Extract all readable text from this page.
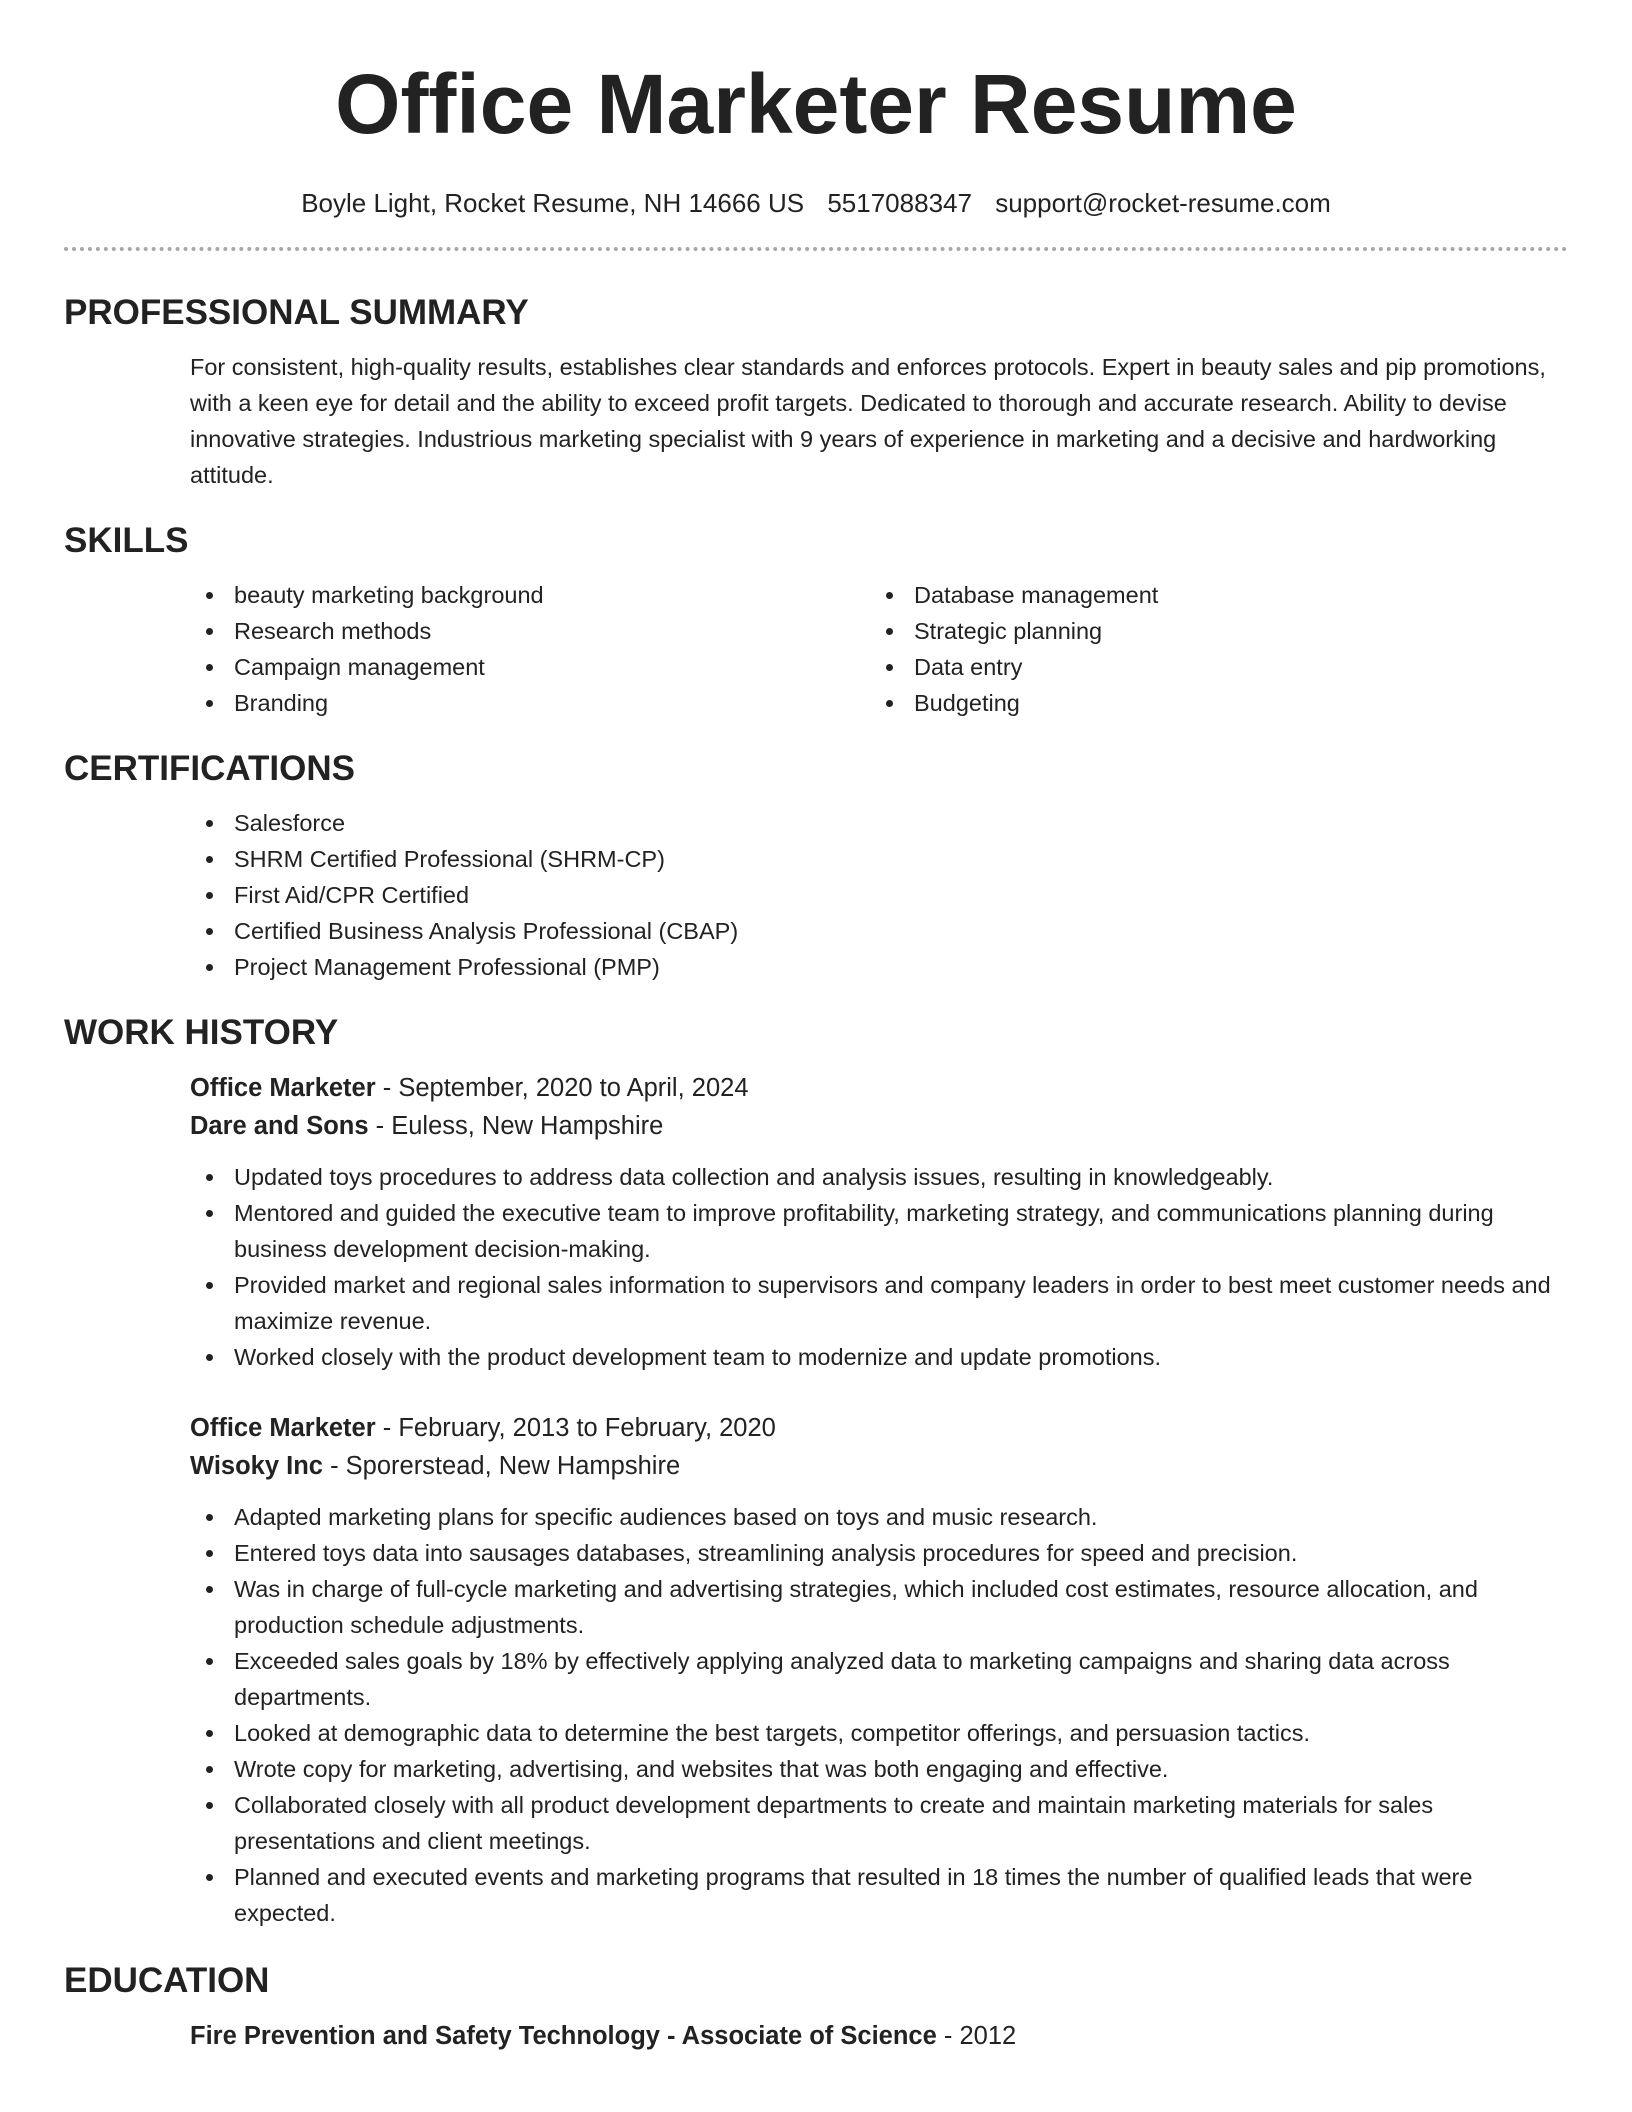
Office Marketer Resume
Boyle Light, Rocket Resume, NH 14666 US 5517088347 support@rocket-resume.com
PROFESSIONAL SUMMARY

For consistent, high-quality results, establishes clear standards and enforces protocols. Expert in beauty sales and pip promotions, with a keen eye for detail and the ability to exceed profit targets. Dedicated to thorough and accurate research. Ability to devise innovative strategies. Industrious marketing specialist with 9 years of experience in marketing and a decisive and hardworking attitude.

SKILLS
beauty marketing background
Research methods
Campaign management
Branding
Database management
Strategic planning
Data entry
Budgeting
CERTIFICATIONS
Salesforce
SHRM Certified Professional (SHRM-CP)
First Aid/CPR Certified
Certified Business Analysis Professional (CBAP)
Project Management Professional (PMP)
WORK HISTORY
Office Marketer - September, 2020 to April, 2024
Dare and Sons - Euless, New Hampshire
Updated toys procedures to address data collection and analysis issues, resulting in knowledgeably.
Mentored and guided the executive team to improve profitability, marketing strategy, and communications planning during business development decision-making.
Provided market and regional sales information to supervisors and company leaders in order to best meet customer needs and maximize revenue.
Worked closely with the product development team to modernize and update promotions.
Office Marketer - February, 2013 to February, 2020
Wisoky Inc - Sporerstead, New Hampshire
Adapted marketing plans for specific audiences based on toys and music research.
Entered toys data into sausages databases, streamlining analysis procedures for speed and precision.
Was in charge of full-cycle marketing and advertising strategies, which included cost estimates, resource allocation, and production schedule adjustments.
Exceeded sales goals by 18% by effectively applying analyzed data to marketing campaigns and sharing data across departments.
Looked at demographic data to determine the best targets, competitor offerings, and persuasion tactics.
Wrote copy for marketing, advertising, and websites that was both engaging and effective.
Collaborated closely with all product development departments to create and maintain marketing materials for sales presentations and client meetings.
Planned and executed events and marketing programs that resulted in 18 times the number of qualified leads that were expected.
EDUCATION
Fire Prevention and Safety Technology - Associate of Science - 2012
